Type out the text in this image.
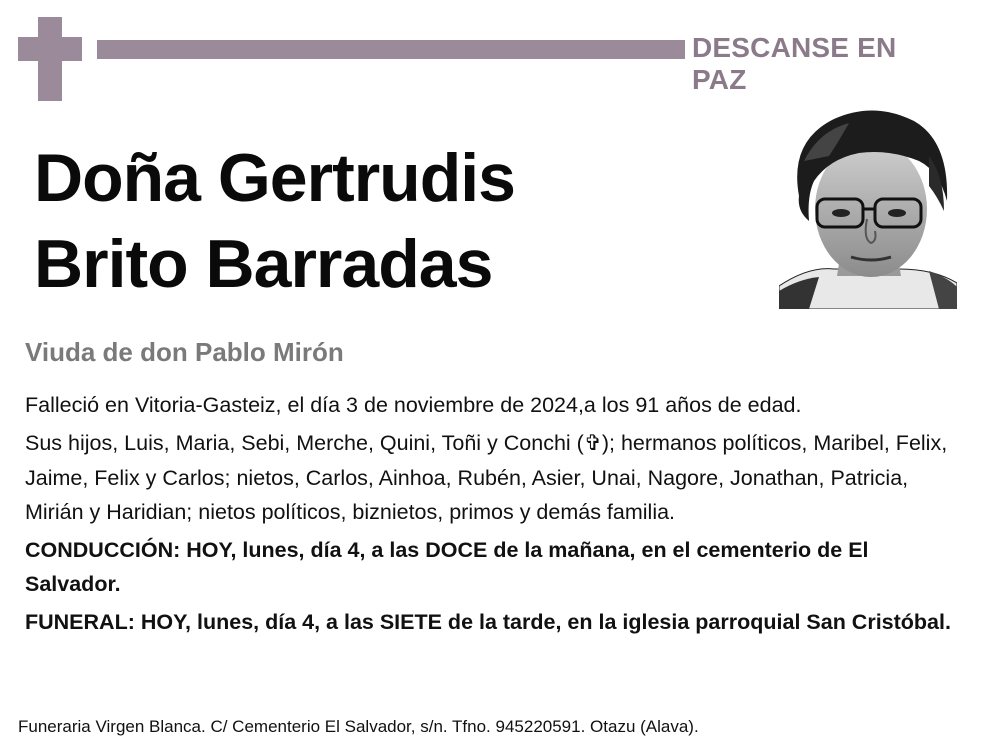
DESCANSE EN PAZ
Doña Gertrudis
Brito Barradas
Viuda de don Pablo Mirón

Falleció en Vitoria-Gasteiz, el día 3 de noviembre de 2024,a los 91 años de edad.

Sus hijos, Luis, Maria, Sebi, Merche, Quini, Toñi y Conchi (✞); hermanos políticos, Maribel, Felix, Jaime, Felix y Carlos; nietos, Carlos, Ainhoa, Rubén, Asier, Unai, Nagore, Jonathan, Patricia, Mirián y Haridian; nietos políticos, biznietos, primos y demás familia.

CONDUCCIÓN: HOY, lunes, día 4, a las DOCE de la mañana, en el cementerio de El Salvador.

FUNERAL: HOY, lunes, día 4, a las SIETE de la tarde, en la iglesia parroquial San Cristóbal.

Funeraria Virgen Blanca. C/ Cementerio El Salvador, s/n. Tfno. 945220591. Otazu (Alava).
